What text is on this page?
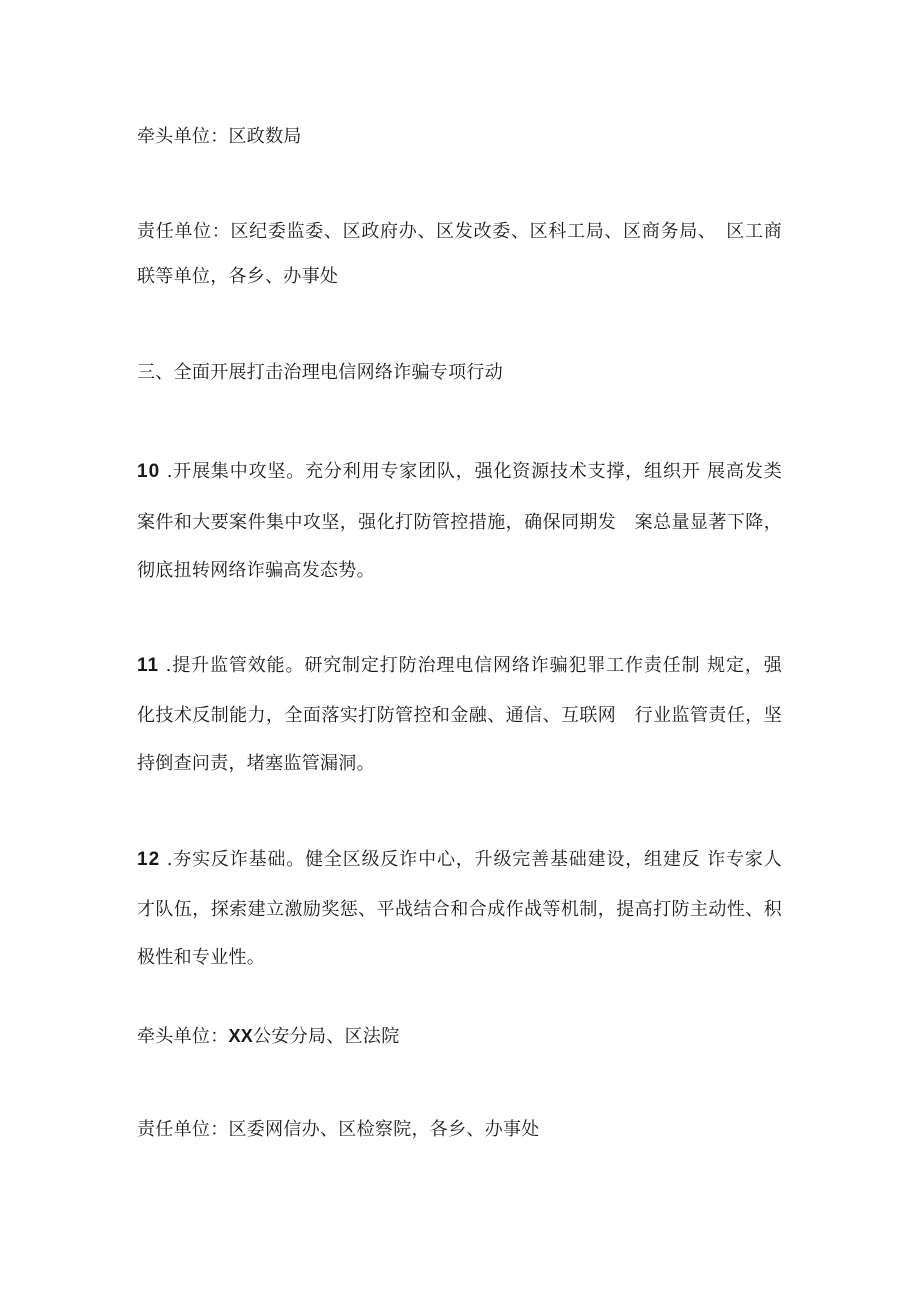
牵头单位：区政数局

责任单位：区纪委监委、区政府办、区发改委、区科工局、区商务局、　区工商

联等单位，各乡、办事处

三、全面开展打击治理电信网络诈骗专项行动

10 .开展集中攻坚。充分利用专家团队，强化资源技术支撑，组织开 展高发类

案件和大要案件集中攻坚，强化打防管控措施，确保同期发　案总量显著下降，

彻底扭转网络诈骗高发态势。

11 .提升监管效能。研究制定打防治理电信网络诈骗犯罪工作责任制 规定，强

化技术反制能力，全面落实打防管控和金融、通信、互联网　行业监管责任，坚

持倒查问责，堵塞监管漏洞。

12 .夯实反诈基础。健全区级反诈中心，升级完善基础建设，组建反 诈专家人

才队伍，探索建立激励奖惩、平战结合和合成作战等机制，提高打防主动性、积

极性和专业性。

牵头单位：XX公安分局、区法院

责任单位：区委网信办、区检察院，各乡、办事处
